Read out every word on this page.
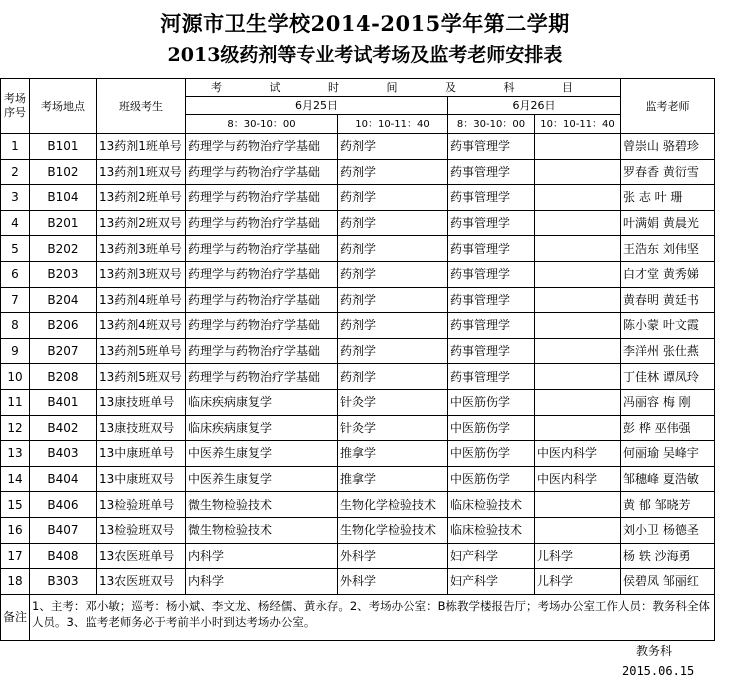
河源市卫生学校2014-2015学年第二学期
2013级药剂等专业考试考场及监考老师安排表
考场
序号	考场地点	班级考生	考 试 时 间 及 科 目				监考老师
			6月25日		6月26日		
			8：30-10：00	10：10-11：40	8：30-10：00	10：10-11：40	
1	B101	13药剂1班单号	药理学与药物治疗学基础	药剂学	药事管理学		曾崇山 骆碧珍
2	B102	13药剂1班双号	药理学与药物治疗学基础	药剂学	药事管理学		罗春香 黄衍雪
3	B104	13药剂2班单号	药理学与药物治疗学基础	药剂学	药事管理学		张 志 叶 珊
4	B201	13药剂2班双号	药理学与药物治疗学基础	药剂学	药事管理学		叶满娟 黄晨光
5	B202	13药剂3班单号	药理学与药物治疗学基础	药剂学	药事管理学		王浩东 刘伟坚
6	B203	13药剂3班双号	药理学与药物治疗学基础	药剂学	药事管理学		白才堂 黄秀娣
7	B204	13药剂4班单号	药理学与药物治疗学基础	药剂学	药事管理学		黄春明 黄廷书
8	B206	13药剂4班双号	药理学与药物治疗学基础	药剂学	药事管理学		陈小蒙 叶文霞
9	B207	13药剂5班单号	药理学与药物治疗学基础	药剂学	药事管理学		李洋州 张仕燕
10	B208	13药剂5班双号	药理学与药物治疗学基础	药剂学	药事管理学		丁佳林 谭凤玲
11	B401	13康技班单号	临床疾病康复学	针灸学	中医筋伤学		冯丽容 梅 刚
12	B402	13康技班双号	临床疾病康复学	针灸学	中医筋伤学		彭 桦 巫伟强
13	B403	13中康班单号	中医养生康复学	推拿学	中医筋伤学	中医内科学	何丽瑜 吴峰宇
14	B404	13中康班双号	中医养生康复学	推拿学	中医筋伤学	中医内科学	邹穗峰 夏浩敏
15	B406	13检验班单号	微生物检验技术	生物化学检验技术	临床检验技术		黄 郁 邹晓芳
16	B407	13检验班双号	微生物检验技术	生物化学检验技术	临床检验技术		刘小卫 杨德圣
17	B408	13农医班单号	内科学	外科学	妇产科学	儿科学	杨 轶 沙海勇
18	B303	13农医班双号	内科学	外科学	妇产科学	儿科学	侯碧凤 邹丽红
备注	1、主考：邓小敏；巡考：杨小斌、李文龙、杨经儒、黄永存。2、考场办公室：B栋教学楼报告厅；考场办公室工作人员：教务科全体人员。3、监考老师务必于考前半小时到达考场办公室。						
教务科
2015.06.15
